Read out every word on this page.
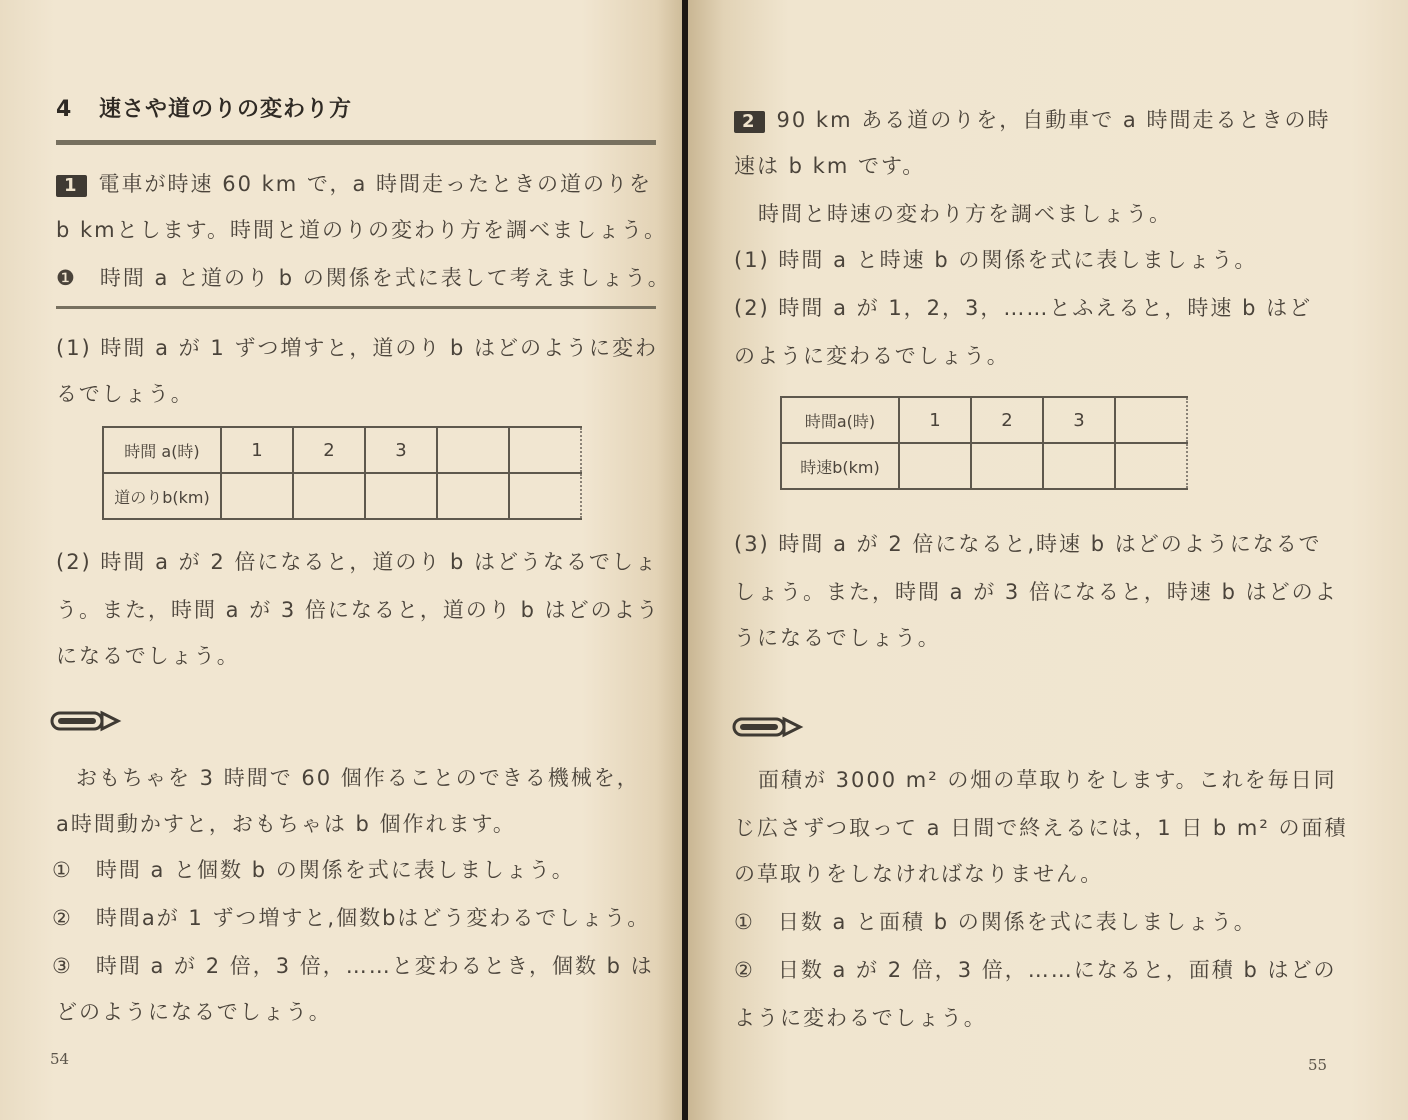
4 速さや道のりの変わり方
1 電車が時速 60 km で，a 時間走ったときの道のりを
b kmとします。時間と道のりの変わり方を調べましょう。
❶　時間 a と道のり b の関係を式に表して考えましょう。
(1) 時間 a が 1 ずつ増すと，道のり b はどのように変わ
るでしょう。
時間 a(時)	1	2	3		
道のりb(km)					
(2) 時間 a が 2 倍になると，道のり b はどうなるでしょ
う。また，時間 a が 3 倍になると，道のり b はどのよう
になるでしょう。
おもちゃを 3 時間で 60 個作ることのできる機械を，
a時間動かすと，おもちゃは b 個作れます。
①　時間 a と個数 b の関係を式に表しましょう。
②　時間aが 1 ずつ増すと,個数bはどう変わるでしょう。
③　時間 a が 2 倍，3 倍，……と変わるとき，個数 b は
どのようになるでしょう。
54
2 90 km ある道のりを，自動車で a 時間走るときの時
速は b km です。
時間と時速の変わり方を調べましょう。
(1) 時間 a と時速 b の関係を式に表しましょう。
(2) 時間 a が 1，2，3，……とふえると，時速 b はど
のように変わるでしょう。
時間a(時)	1	2	3	
時速b(km)				
(3) 時間 a が 2 倍になると,時速 b はどのようになるで
しょう。また，時間 a が 3 倍になると，時速 b はどのよ
うになるでしょう。
面積が 3000 m² の畑の草取りをします。これを毎日同
じ広さずつ取って a 日間で終えるには，1 日 b m² の面積
の草取りをしなければなりません。
①　日数 a と面積 b の関係を式に表しましょう。
②　日数 a が 2 倍，3 倍，……になると，面積 b はどの
ように変わるでしょう。
55
